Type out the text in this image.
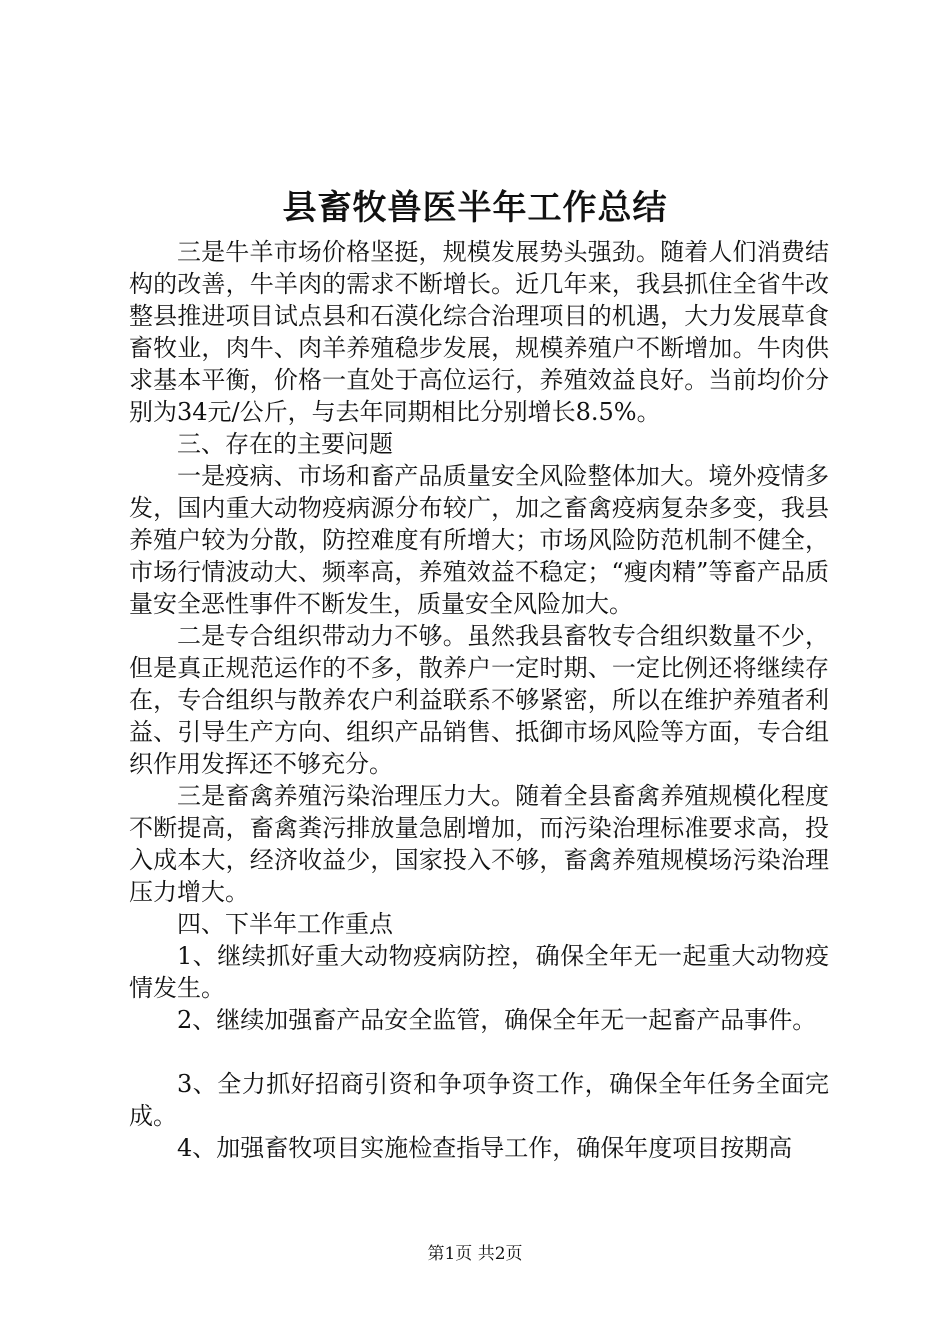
县畜牧兽医半年工作总结

三是牛羊市场价格坚挺，规模发展势头强劲。随着人们消费结构的改善，牛羊肉的需求不断增长。近几年来，我县抓住全省牛改整县推进项目试点县和石漠化综合治理项目的机遇，大力发展草食畜牧业，肉牛、肉羊养殖稳步发展，规模养殖户不断增加。牛肉供求基本平衡，价格一直处于高位运行，养殖效益良好。当前均价分别为34元/公斤，与去年同期相比分别增长8.5%。

三、存在的主要问题

一是疫病、市场和畜产品质量安全风险整体加大。境外疫情多发，国内重大动物疫病源分布较广，加之畜禽疫病复杂多变，我县养殖户较为分散，防控难度有所增大；市场风险防范机制不健全，市场行情波动大、频率高，养殖效益不稳定；“瘦肉精”等畜产品质量安全恶性事件不断发生，质量安全风险加大。

二是专合组织带动力不够。虽然我县畜牧专合组织数量不少，但是真正规范运作的不多，散养户一定时期、一定比例还将继续存在，专合组织与散养农户利益联系不够紧密，所以在维护养殖者利益、引导生产方向、组织产品销售、抵御市场风险等方面，专合组织作用发挥还不够充分。

三是畜禽养殖污染治理压力大。随着全县畜禽养殖规模化程度不断提高，畜禽粪污排放量急剧增加，而污染治理标准要求高，投入成本大，经济收益少，国家投入不够，畜禽养殖规模场污染治理压力增大。

四、下半年工作重点

1、继续抓好重大动物疫病防控，确保全年无一起重大动物疫情发生。

2、继续加强畜产品安全监管，确保全年无一起畜产品事件。

3、全力抓好招商引资和争项争资工作，确保全年任务全面完成。

4、加强畜牧项目实施检查指导工作，确保年度项目按期高

第1页 共2页
